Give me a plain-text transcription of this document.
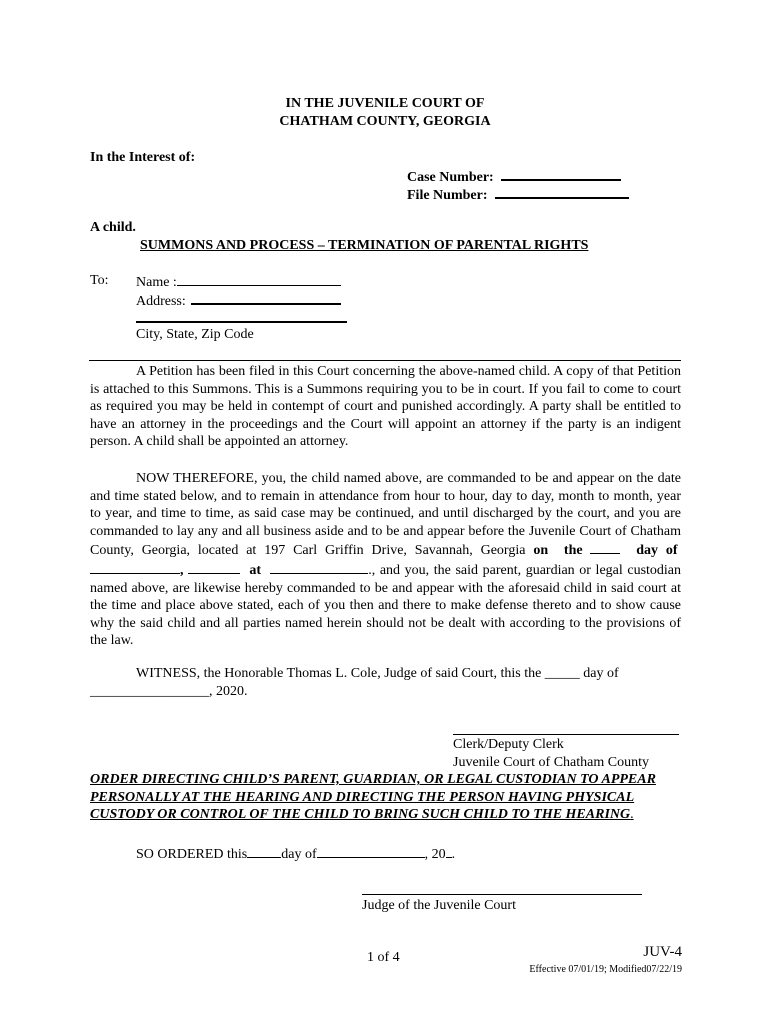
IN THE JUVENILE COURT OF
CHATHAM COUNTY, GEORGIA
In the Interest of:
Case Number:
File Number:
A child.
SUMMONS AND PROCESS – TERMINATION OF PARENTAL RIGHTS
To: Name :
Address:
City, State, Zip Code

A Petition has been filed in this Court concerning the above-named child. A copy of that Petition is attached to this Summons. This is a Summons requiring you to be in court. If you fail to come to court as required you may be held in contempt of court and punished accordingly. A party shall be entitled to have an attorney in the proceedings and the Court will appoint an attorney if the party is an indigent person. A child shall be appointed an attorney.

NOW THEREFORE, you, the child named above, are commanded to be and appear on the date and time stated below, and to remain in attendance from hour to hour, day to day, month to month, year to year, and time to time, as said case may be continued, and until discharged by the court, and you are commanded to lay any and all business aside and to be and appear before the Juvenile Court of Chatham County, Georgia, located at 197 Carl Griffin Drive, Savannah, Georgia on the	day of ,	at	., and you, the said parent, guardian or legal custodian named above, are likewise hereby commanded to be and appear with the aforesaid child in said court at the time and place above stated, each of you then and there to make defense thereto and to show cause why the said child and all parties named herein should not be dealt with according to the provisions of the law.

WITNESS, the Honorable Thomas L. Cole, Judge of said Court, this the _____ day of

_________________, 2020.
Clerk/Deputy Clerk
Juvenile Court of Chatham County
ORDER DIRECTING CHILD’S PARENT, GUARDIAN, OR LEGAL CUSTODIAN TO APPEAR PERSONALLY AT THE HEARING AND DIRECTING THE PERSON HAVING PHYSICAL CUSTODY OR CONTROL OF THE CHILD TO BRING SUCH CHILD TO THE HEARING.
SO ORDERED this day of	, 20 .
Judge of the Juvenile Court
1 of 4	JUV-4
Effective 07/01/19; Modified07/22/19
